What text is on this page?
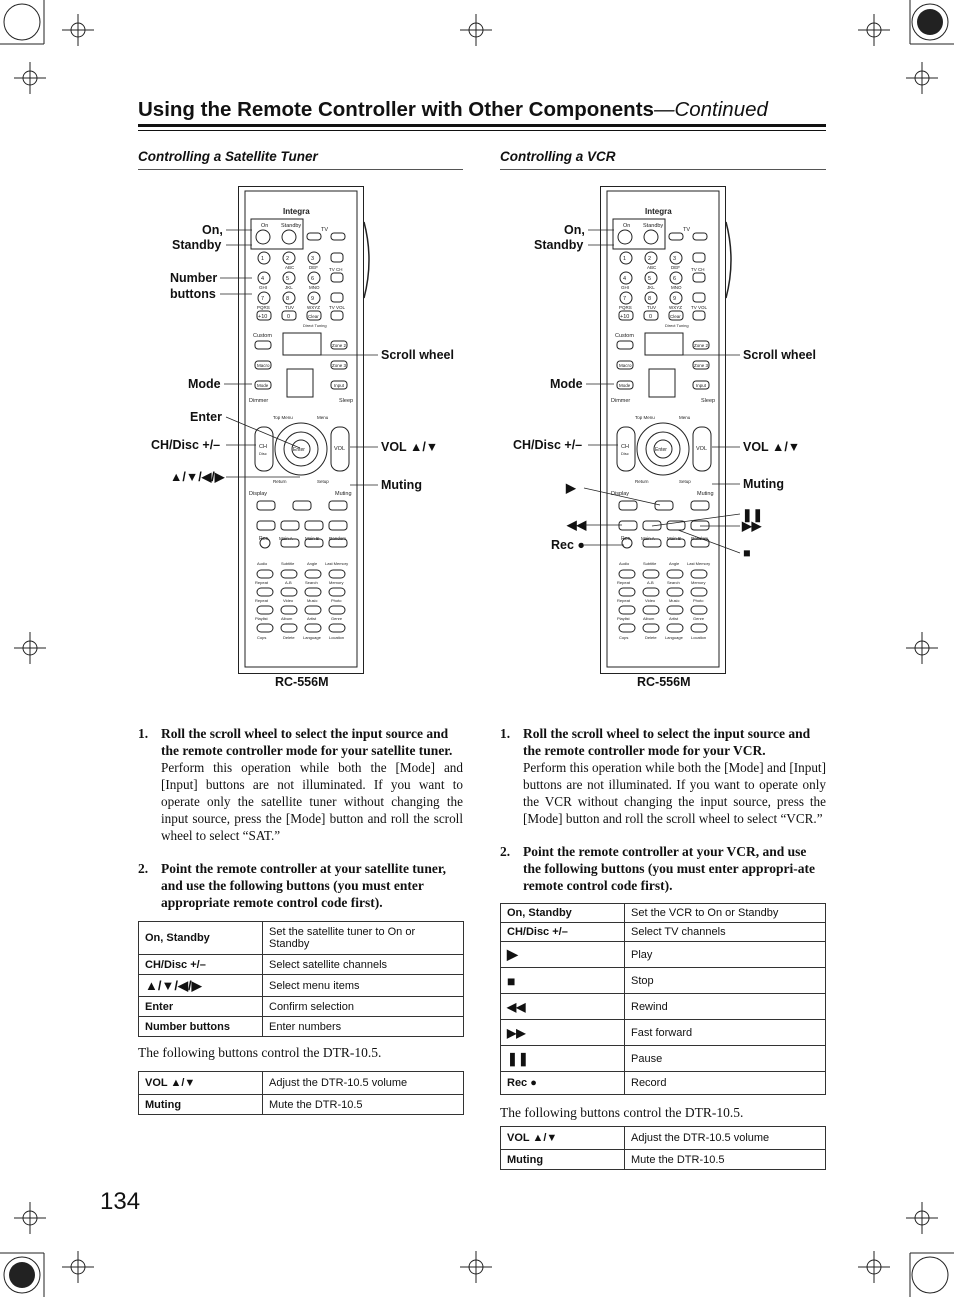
Using the Remote Controller with Other Components—Continued
Controlling a Satellite Tuner	Controlling a VCR
Integra
On Standby
TV
1	2	3
4	5	6
7	8	9
+10	0	Clear
ABC	DEF
GHI	JKL	MNO
PQRS	TUV	WXYZ
TV CH
TV VOL
Direct Tuning
Custom
Macro
Mode
Zone 2
Zone 3
Input
Dimmer	Sleep
CH
Disc
VOL
Enter
Top Menu	Menu
Return	Setup
Display	Muting
Rec Main A	Main B Random
Audio	Subtitle	Angle Last Memory
Repeat	A-B	Search	Memory
Repeat	Video	Music	Photo
Playlist	Album	Artist	Genre
Cops	Delete Language Location
On,
Standby
Number
buttons
Mode
Enter
CH/Disc +/–
▲/▼/◀/▶
Scroll wheel
VOL ▲/▼
Muting
RC-556M
Integra
On Standby
TV
1	2	3
4	5	6
7	8	9
+10	0	Clear
ABC	DEF
GHI	JKL	MNO
PQRS	TUV	WXYZ
TV CH
TV VOL
Direct Tuning
Custom
Macro
Mode
Zone 2
Zone 3
Input
Dimmer	Sleep
CH
Disc
VOL
Enter
Top Menu	Menu
Return	Setup
Display	Muting
Rec Main A	Main B Random
Audio	Subtitle	Angle Last Memory
Repeat	A-B	Search	Memory
Repeat	Video	Music	Photo
Playlist	Album	Artist	Genre
Cops	Delete Language Location
On,
Standby
Mode
CH/Disc +/–
▶
◀◀
Rec ●
Scroll wheel
VOL ▲/▼
Muting
❚❚
▶▶
■
RC-556M
1. Roll the scroll wheel to select the input source and the remote controller mode for your satellite tuner.
Perform this operation while both the [Mode] and [Input] buttons are not illuminated. If you want to operate only the satellite tuner without changing the input source, press the [Mode] button and roll the scroll wheel to select “SAT.”
2. Point the remote controller at your satellite tuner, and use the following buttons (you must enter appropriate remote control code first).
On, Standby	Set the satellite tuner to On or Standby
CH/Disc +/–	Select satellite channels
▲/▼/◀/▶	Select menu items
Enter	Confirm selection
Number buttons	Enter numbers
The following buttons control the DTR-10.5.
VOL ▲/▼	Adjust the DTR-10.5 volume
Muting	Mute the DTR-10.5
1. Roll the scroll wheel to select the input source and the remote controller mode for your VCR.
Perform this operation while both the [Mode] and [Input] buttons are not illuminated. If you want to operate only the VCR without changing the input source, press the [Mode] button and roll the scroll wheel to select “VCR.”
2. Point the remote controller at your VCR, and use the following buttons (you must enter appropri-ate remote control code first).
On, Standby	Set the VCR to On or Standby
CH/Disc +/–	Select TV channels
▶	Play
■	Stop
◀◀	Rewind
▶▶	Fast forward
❚❚	Pause
Rec ●	Record
The following buttons control the DTR-10.5.
VOL ▲/▼	Adjust the DTR-10.5 volume
Muting	Mute the DTR-10.5
134
